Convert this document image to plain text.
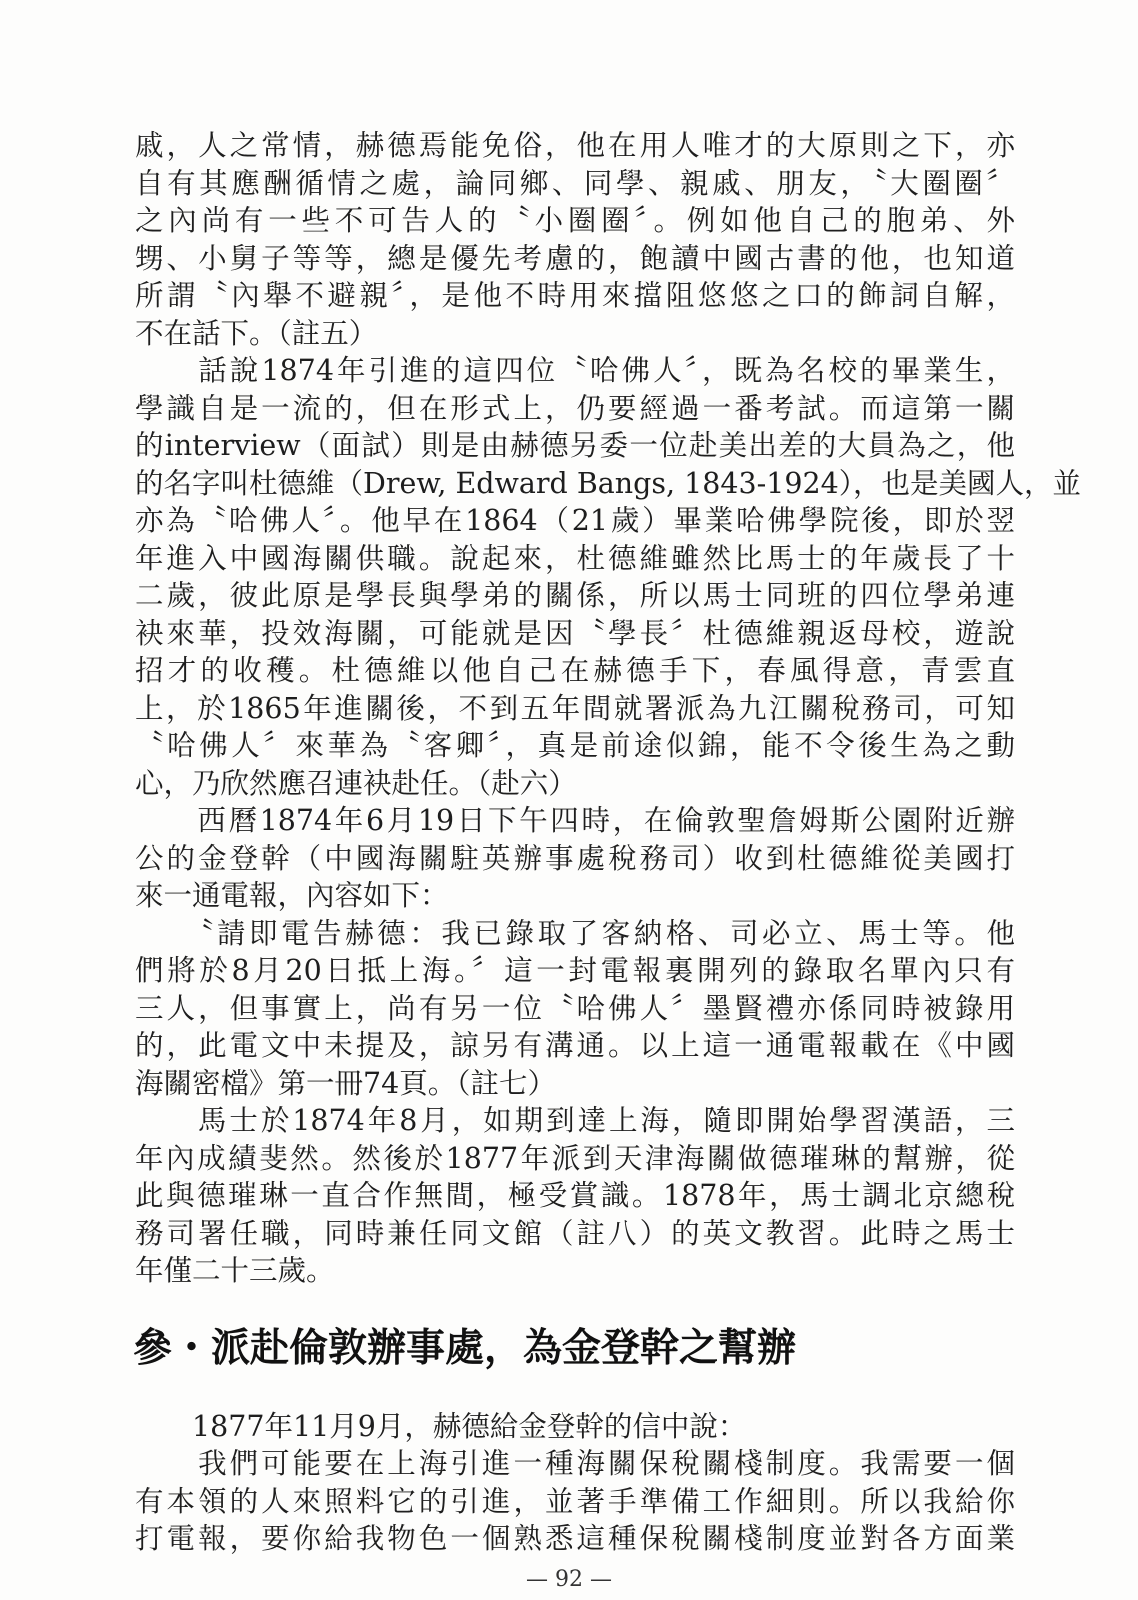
戚，人之常情，赫德焉能免俗，他在用人唯才的大原則之下，亦
自有其應酬循情之處，論同鄉、同學、親戚、朋友，〝大圈圈〞
之內尚有一些不可告人的〝小圈圈〞。例如他自己的胞弟、外
甥、小舅子等等，總是優先考慮的，飽讀中國古書的他，也知道
所謂〝內舉不避親〞，是他不時用來擋阻悠悠之口的飾詞自解，
不在話下。（註五）
　　話說1874年引進的這四位〝哈佛人〞，既為名校的畢業生，
學識自是一流的，但在形式上，仍要經過一番考試。而這第一關
的interview（面試）則是由赫德另委一位赴美出差的大員為之，他
的名字叫杜德維（Drew, Edward Bangs, 1843-1924），也是美國人，並
亦為〝哈佛人〞。他早在1864（21歲）畢業哈佛學院後，即於翌
年進入中國海關供職。說起來，杜德維雖然比馬士的年歲長了十
二歲，彼此原是學長與學弟的關係，所以馬士同班的四位學弟連
袂來華，投效海關，可能就是因〝學長〞杜德維親返母校，遊說
招才的收穫。杜德維以他自己在赫德手下，春風得意，青雲直
上，於1865年進關後，不到五年間就署派為九江關稅務司，可知
〝哈佛人〞來華為〝客卿〞，真是前途似錦，能不令後生為之動
心，乃欣然應召連袂赴任。（赴六）
　　西曆1874年6月19日下午四時，在倫敦聖詹姆斯公園附近辦
公的金登幹（中國海關駐英辦事處稅務司）收到杜德維從美國打
來一通電報，內容如下：
　　〝請即電告赫德：我已錄取了客納格、司必立、馬士等。他
們將於8月20日抵上海。〞這一封電報裏開列的錄取名單內只有
三人，但事實上，尚有另一位〝哈佛人〞墨賢禮亦係同時被錄用
的，此電文中未提及，諒另有溝通。以上這一通電報載在《中國
海關密檔》第一冊74頁。（註七）
　　馬士於1874年8月，如期到達上海，隨即開始學習漢語，三
年內成績斐然。然後於1877年派到天津海關做德璀琳的幫辦，從
此與德璀琳一直合作無間，極受賞識。1878年，馬士調北京總稅
務司署任職，同時兼任同文館（註八）的英文教習。此時之馬士
年僅二十三歲。
參・派赴倫敦辦事處，為金登幹之幫辦
　　1877年11月9月，赫德給金登幹的信中說：
　　我們可能要在上海引進一種海關保稅關棧制度。我需要一個
有本領的人來照料它的引進，並著手準備工作細則。所以我給你
打電報，要你給我物色一個熟悉這種保稅關棧制度並對各方面業
— 92 —
